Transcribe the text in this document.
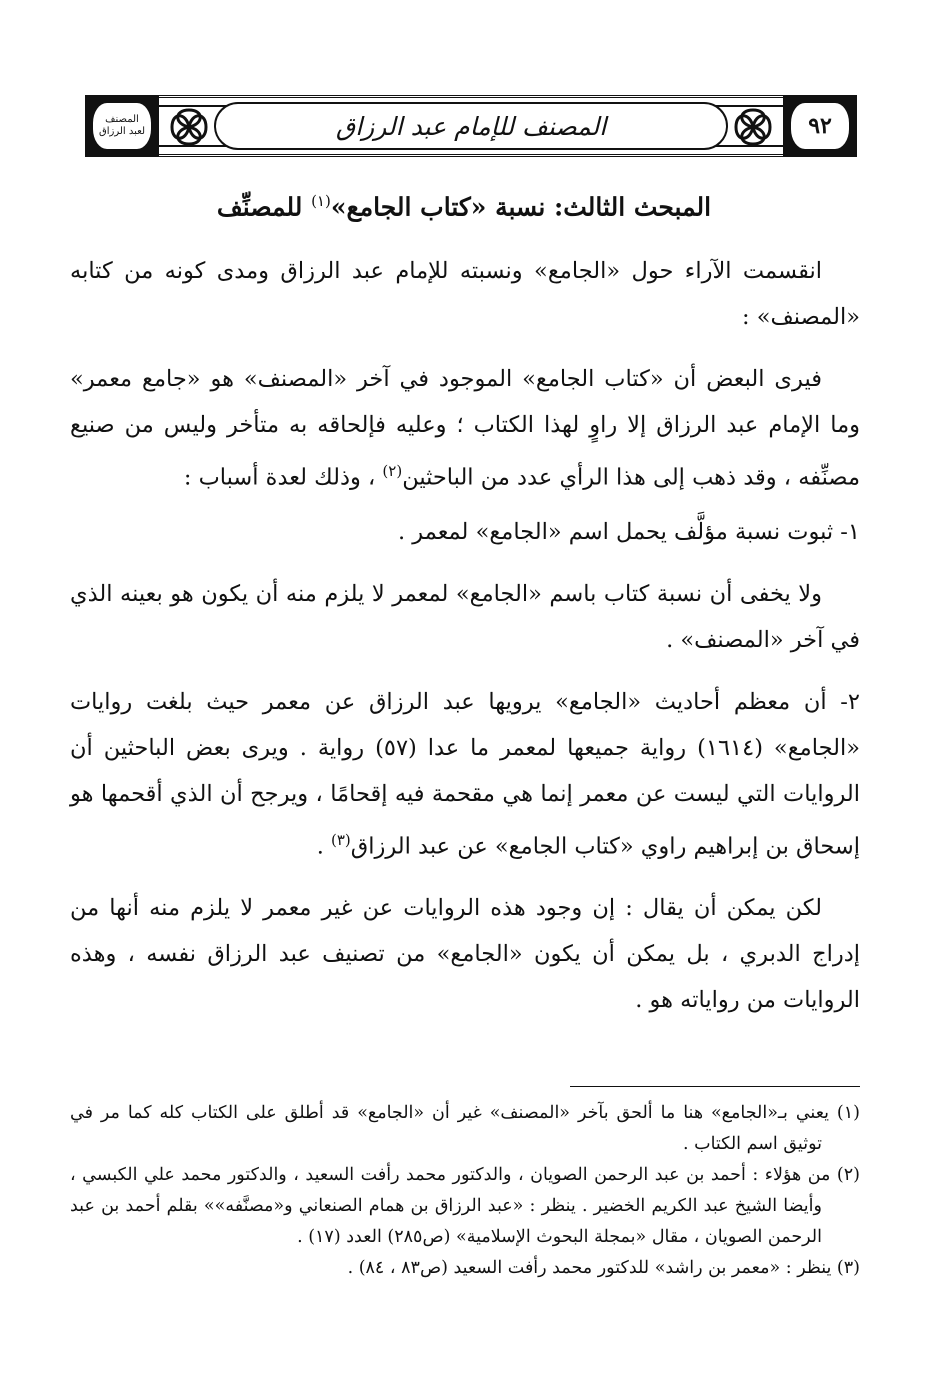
٩٢
المصنف للإمام عبد الرزاق
المصنف لعبد الرزاق
المبحث الثالث: نسبة «كتاب الجامع»$^{(١)}$ للمصنِّف

انقسمت الآراء حول «الجامع» ونسبته للإمام عبد الرزاق ومدى كونه من كتابه «المصنف» :

فيرى البعض أن «كتاب الجامع» الموجود في آخر «المصنف» هو «جامع معمر» وما الإمام عبد الرزاق إلا راوٍ لهذا الكتاب ؛ وعليه فإلحاقه به متأخر وليس من صنيع مصنِّفه ، وقد ذهب إلى هذا الرأي عدد من الباحثين$^{(٢)}$ ، وذلك لعدة أسباب :

١- ثبوت نسبة مؤلَّف يحمل اسم «الجامع» لمعمر .

ولا يخفى أن نسبة كتاب باسم «الجامع» لمعمر لا يلزم منه أن يكون هو بعينه الذي في آخر «المصنف» .

٢- أن معظم أحاديث «الجامع» يرويها عبد الرزاق عن معمر حيث بلغت روايات «الجامع» (١٦١٤) رواية جميعها لمعمر ما عدا (٥٧) رواية . ويرى بعض الباحثين أن الروايات التي ليست عن معمر إنما هي مقحمة فيه إقحامًا ، ويرجح أن الذي أقحمها هو إسحاق بن إبراهيم راوي «كتاب الجامع» عن عبد الرزاق$^{(٣)}$ .

لكن يمكن أن يقال : إن وجود هذه الروايات عن غير معمر لا يلزم منه أنها من إدراج الدبري ، بل يمكن أن يكون «الجامع» من تصنيف عبد الرزاق نفسه ، وهذه الروايات من رواياته هو .

(١) يعني بـ«الجامع» هنا ما ألحق بآخر «المصنف» غير أن «الجامع» قد أطلق على الكتاب كله كما مر في توثيق اسم الكتاب .

(٢) من هؤلاء : أحمد بن عبد الرحمن الصويان ، والدكتور محمد رأفت السعيد ، والدكتور محمد علي الكبسي ، وأيضا الشيخ عبد الكريم الخضير . ينظر : «عبد الرزاق بن همام الصنعاني و«مصنَّفه»» بقلم أحمد بن عبد الرحمن الصويان ، مقال «بمجلة البحوث الإسلامية» (ص٢٨٥) العدد (١٧) .

(٣) ينظر : «معمر بن راشد» للدكتور محمد رأفت السعيد (ص٨٣ ، ٨٤) .
